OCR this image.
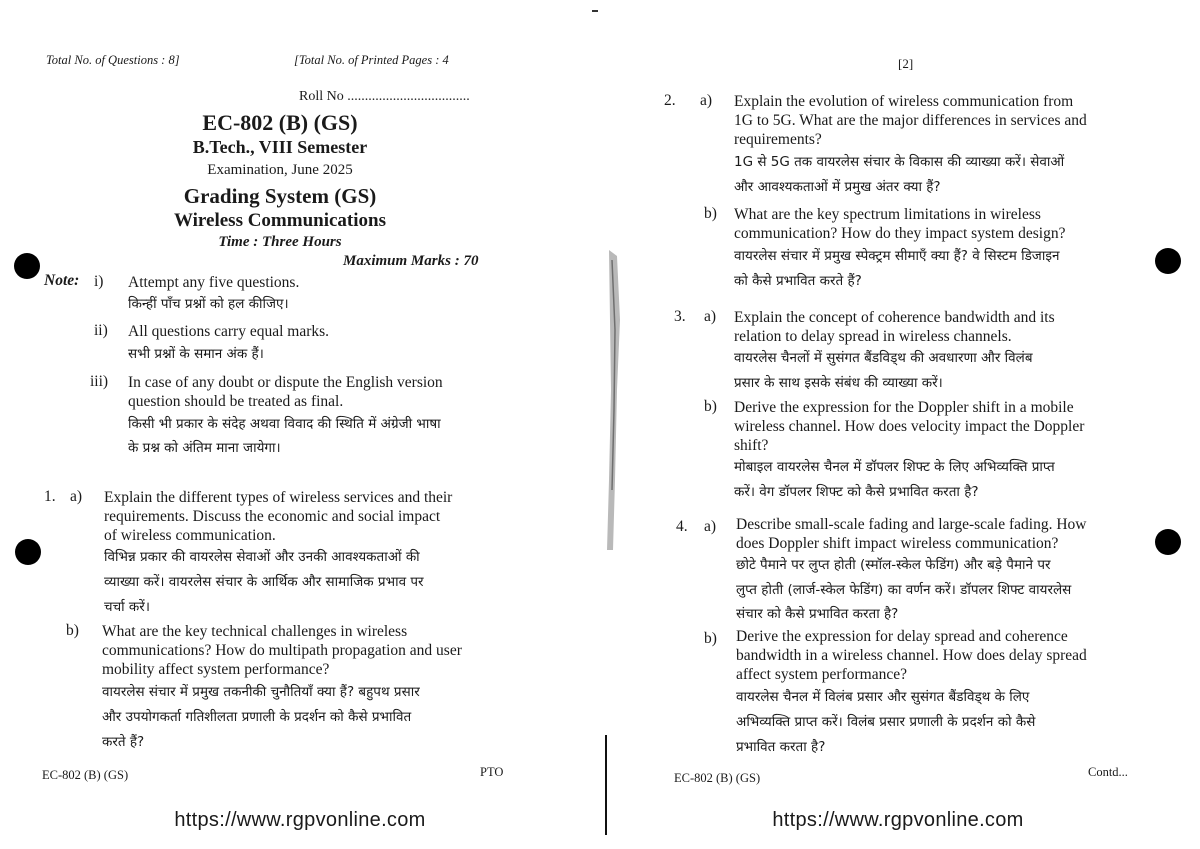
Total No. of Questions : 8]	[Total No. of Printed Pages : 4
Roll No ...................................
EC-802 (B) (GS)
B.Tech., VIII Semester
Examination, June 2025
Grading System (GS)
Wireless Communications
Time : Three Hours
Maximum Marks : 70
Note: i) Attempt any five questions.
किन्हीं पाँच प्रश्नों को हल कीजिए।
ii) All questions carry equal marks.
सभी प्रश्नों के समान अंक हैं।
iii) In case of any doubt or dispute the English version
question should be treated as final.
किसी भी प्रकार के संदेह अथवा विवाद की स्थिति में अंग्रेजी भाषा
के प्रश्न को अंतिम माना जायेगा।
1. a) Explain the different types of wireless services and their
requirements. Discuss the economic and social impact
of wireless communication.
विभिन्न प्रकार की वायरलेस सेवाओं और उनकी आवश्यकताओं की
व्याख्या करें। वायरलेस संचार के आर्थिक और सामाजिक प्रभाव पर
चर्चा करें।
b) What are the key technical challenges in wireless
communications? How do multipath propagation and user
mobility affect system performance?
वायरलेस संचार में प्रमुख तकनीकी चुनौतियाँ क्या हैं? बहुपथ प्रसार
और उपयोगकर्ता गतिशीलता प्रणाली के प्रदर्शन को कैसे प्रभावित
करते हैं?
EC-802 (B) (GS)	PTO
https://www.rgpvonline.com
[2]
2. a) Explain the evolution of wireless communication from
1G to 5G. What are the major differences in services and
requirements?
1G से 5G तक वायरलेस संचार के विकास की व्याख्या करें। सेवाओं
और आवश्यकताओं में प्रमुख अंतर क्या हैं?
b) What are the key spectrum limitations in wireless
communication? How do they impact system design?
वायरलेस संचार में प्रमुख स्पेक्ट्रम सीमाएँ क्या हैं? वे सिस्टम डिजाइन
को कैसे प्रभावित करते हैं?
3. a) Explain the concept of coherence bandwidth and its
relation to delay spread in wireless channels.
वायरलेस चैनलों में सुसंगत बैंडविड्थ की अवधारणा और विलंब
प्रसार के साथ इसके संबंध की व्याख्या करें।
b) Derive the expression for the Doppler shift in a mobile
wireless channel. How does velocity impact the Doppler
shift?
मोबाइल वायरलेस चैनल में डॉपलर शिफ्ट के लिए अभिव्यक्ति प्राप्त
करें। वेग डॉपलर शिफ्ट को कैसे प्रभावित करता है?
4. a) Describe small-scale fading and large-scale fading. How
does Doppler shift impact wireless communication?
छोटे पैमाने पर लुप्त होती (स्मॉल-स्केल फेडिंग) और बड़े पैमाने पर
लुप्त होती (लार्ज-स्केल फेडिंग) का वर्णन करें। डॉपलर शिफ्ट वायरलेस
संचार को कैसे प्रभावित करता है?
b) Derive the expression for delay spread and coherence
bandwidth in a wireless channel. How does delay spread
affect system performance?
वायरलेस चैनल में विलंब प्रसार और सुसंगत बैंडविड्थ के लिए
अभिव्यक्ति प्राप्त करें। विलंब प्रसार प्रणाली के प्रदर्शन को कैसे
प्रभावित करता है?
EC-802 (B) (GS)	Contd...
https://www.rgpvonline.com
